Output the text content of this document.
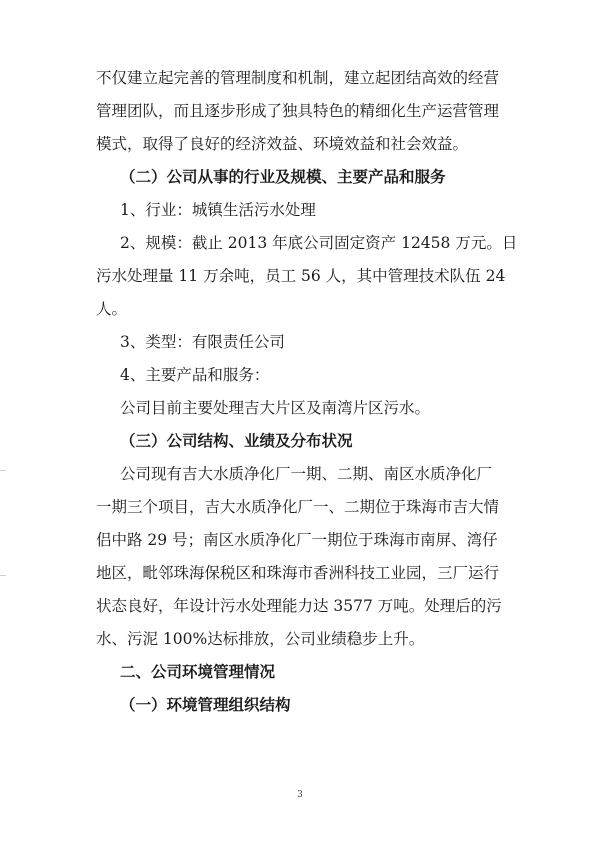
不仅建立起完善的管理制度和机制，建立起团结高效的经营
管理团队，而且逐步形成了独具特色的精细化生产运营管理
模式，取得了良好的经济效益、环境效益和社会效益。
（二）公司从事的行业及规模、主要产品和服务
1、行业：城镇生活污水处理
2、规模：截止 2013 年底公司固定资产 12458 万元。日
污水处理量 11 万余吨，员工 56 人，其中管理技术队伍 24
人。
3、类型：有限责任公司
4、主要产品和服务：
公司目前主要处理吉大片区及南湾片区污水。
（三）公司结构、业绩及分布状况
公司现有吉大水质净化厂一期、二期、南区水质净化厂
一期三个项目，吉大水质净化厂一、二期位于珠海市吉大情
侣中路 29 号；南区水质净化厂一期位于珠海市南屏、湾仔
地区，毗邻珠海保税区和珠海市香洲科技工业园，三厂运行
状态良好，年设计污水处理能力达 3577 万吨。处理后的污
水、污泥 100%达标排放，公司业绩稳步上升。
二、公司环境管理情况
（一）环境管理组织结构
3
